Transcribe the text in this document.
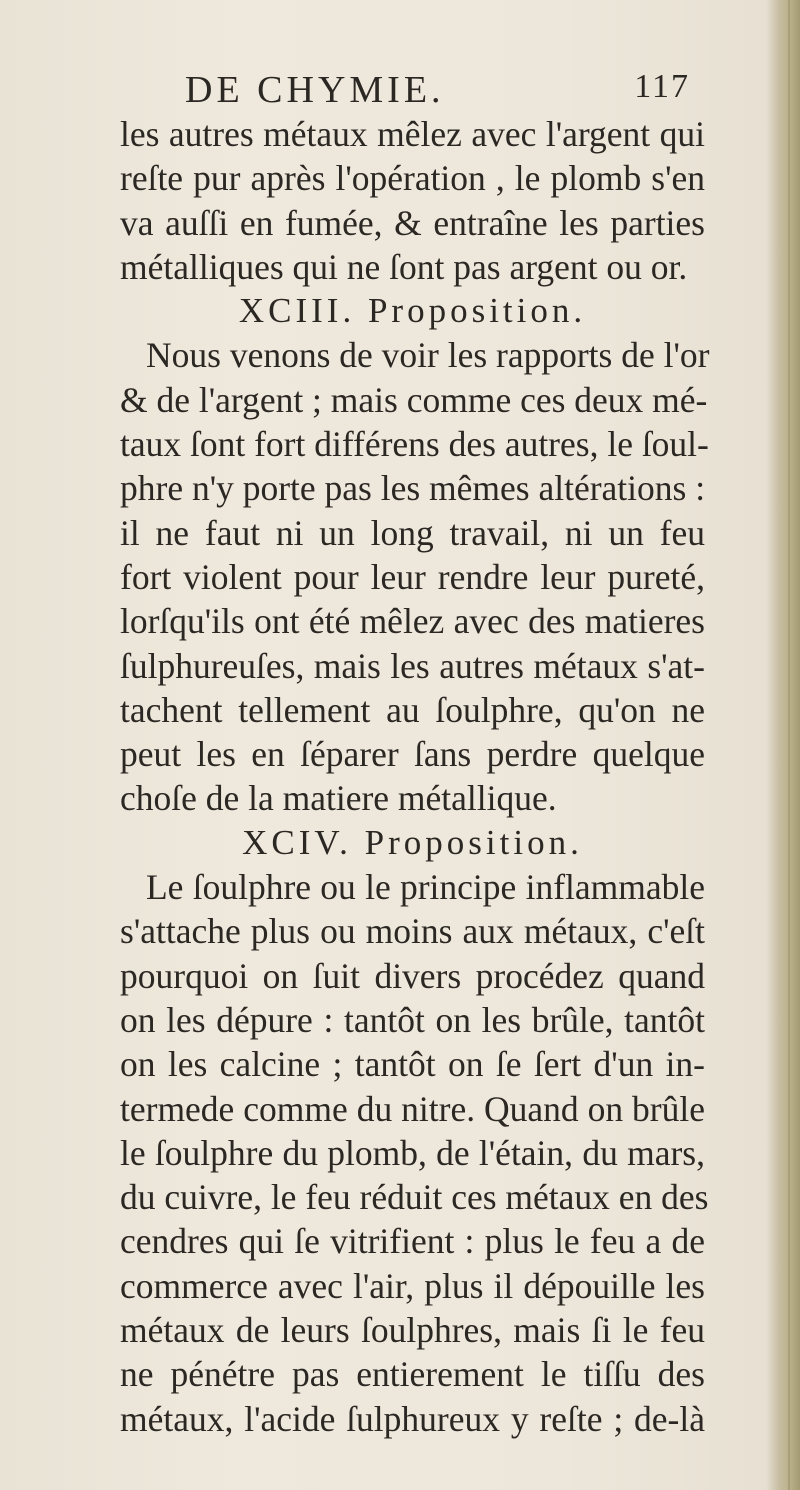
DE CHYMIE.	117
les autres métaux mêlez avec l'argent qui
reſte pur après l'opération , le plomb s'en
va auſſi en fumée, & entraîne les parties
métalliques qui ne ſont pas argent ou or.
XCIII. Proposition.
Nous venons de voir les rapports de l'or
& de l'argent ; mais comme ces deux mé-
taux ſont fort différens des autres, le ſoul-
phre n'y porte pas les mêmes altérations :
il ne faut ni un long travail, ni un feu
fort violent pour leur rendre leur pureté,
lorſqu'ils ont été mêlez avec des matieres
ſulphureuſes, mais les autres métaux s'at-
tachent tellement au ſoulphre, qu'on ne
peut les en ſéparer ſans perdre quelque
choſe de la matiere métallique.
XCIV. Proposition.
Le ſoulphre ou le principe inflammable
s'attache plus ou moins aux métaux, c'eſt
pourquoi on ſuit divers procédez quand
on les dépure : tantôt on les brûle, tantôt
on les calcine ; tantôt on ſe ſert d'un in-
termede comme du nitre. Quand on brûle
le ſoulphre du plomb, de l'étain, du mars,
du cuivre, le feu réduit ces métaux en des
cendres qui ſe vitrifient : plus le feu a de
commerce avec l'air, plus il dépouille les
métaux de leurs ſoulphres, mais ſi le feu
ne pénétre pas entierement le tiſſu des
métaux, l'acide ſulphureux y reſte ; de-là
